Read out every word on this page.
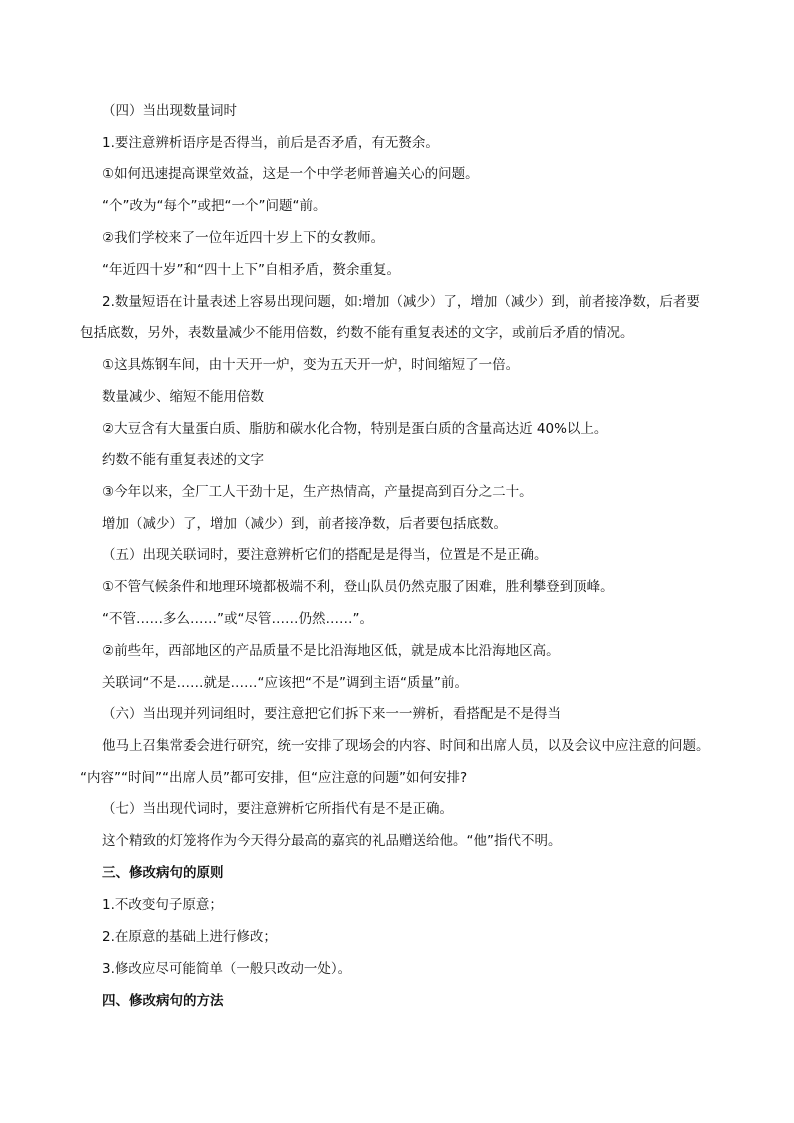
（四）当出现数量词时
1.要注意辨析语序是否得当，前后是否矛盾，有无赘余。
①如何迅速提高课堂效益，这是一个中学老师普遍关心的问题。
“个”改为“每个”或把“一个”问题“前。
②我们学校来了一位年近四十岁上下的女教师。
“年近四十岁”和“四十上下”自相矛盾，赘余重复。
2.数量短语在计量表述上容易出现问题，如:增加（减少）了，增加（减少）到，前者接净数，后者要
包括底数，另外，表数量减少不能用倍数，约数不能有重复表述的文字，或前后矛盾的情况。
①这具炼钢车间，由十天开一炉，变为五天开一炉，时间缩短了一倍。
数量减少、缩短不能用倍数
②大豆含有大量蛋白质、脂肪和碳水化合物，特别是蛋白质的含量高达近 40%以上。
约数不能有重复表述的文字
③今年以来，全厂工人干劲十足，生产热情高，产量提高到百分之二十。
增加（减少）了，增加（减少）到，前者接净数，后者要包括底数。
（五）出现关联词时，要注意辨析它们的搭配是是得当，位置是不是正确。
①不管气候条件和地理环境都极端不利，登山队员仍然克服了困难，胜利攀登到顶峰。
“不管……多么……”或“尽管……仍然……”。
②前些年，西部地区的产品质量不是比沿海地区低，就是成本比沿海地区高。
关联词“不是……就是……“应该把“不是”调到主语“质量”前。
（六）当出现并列词组时，要注意把它们拆下来一一辨析，看搭配是不是得当
他马上召集常委会进行研究，统一安排了现场会的内容、时间和出席人员，以及会议中应注意的问题。
“内容”“时间”“出席人员”都可安排，但“应注意的问题”如何安排?
（七）当出现代词时，要注意辨析它所指代有是不是正确。
这个精致的灯笼将作为今天得分最高的嘉宾的礼品赠送给他。“他”指代不明。
三、修改病句的原则
1.不改变句子原意；
2.在原意的基础上进行修改；
3.修改应尽可能简单（一般只改动一处）。
四、修改病句的方法
